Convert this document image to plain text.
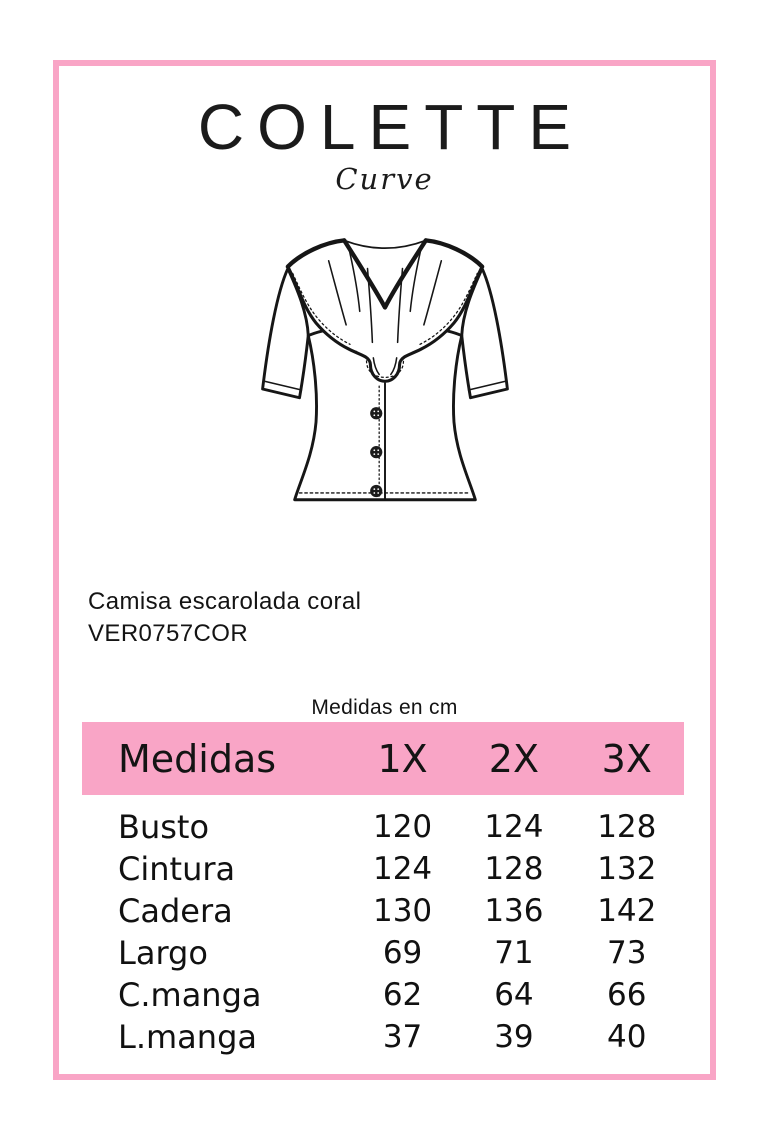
COLETTE
Curve
Camisa escarolada coral
VER0757COR
Medidas en cm
Medidas	1X	2X	3X
Busto	120	124	128
Cintura	124	128	132
Cadera	130	136	142
Largo	69	71	73
C.manga	62	64	66
L.manga	37	39	40
